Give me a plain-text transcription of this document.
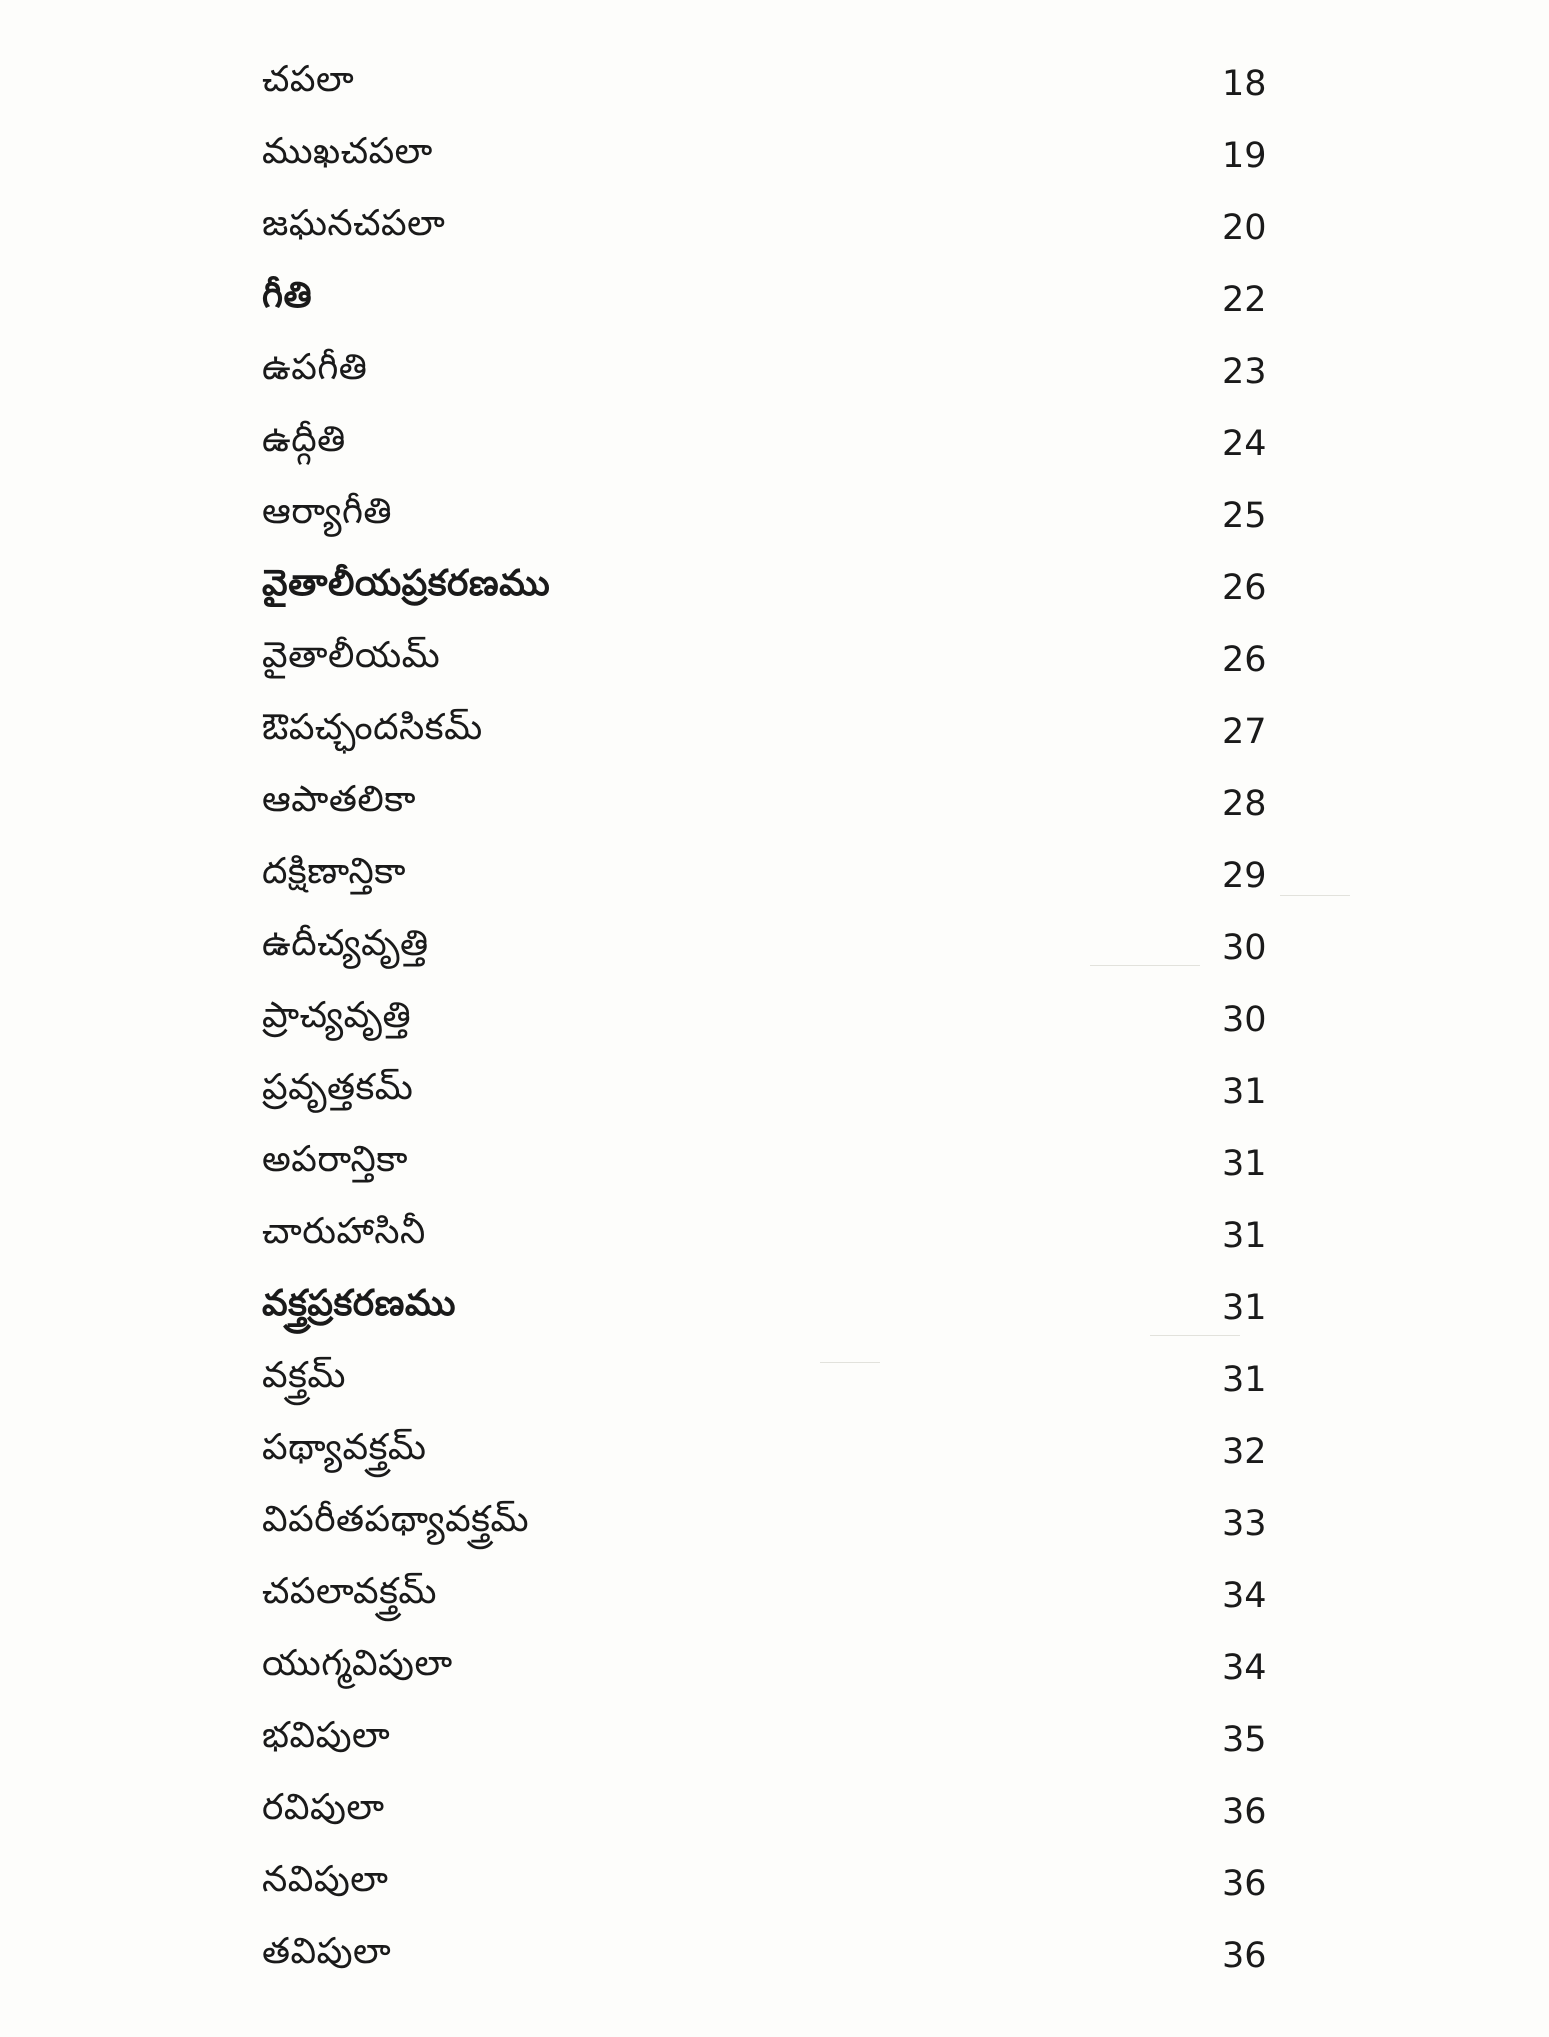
చపలా	18
ముఖచపలా	19
జఘనచపలా	20
గీతి	22
ఉపగీతి	23
ఉద్గీతి	24
ఆర్యాగీతి	25
వైతాలీయప్రకరణము	26
వైతాలీయమ్	26
ఔపచ్ఛందసికమ్	27
ఆపాతలికా	28
దక్షిణాన్తికా	29
ఉదీచ్యవృత్తి	30
ప్రాచ్యవృత్తి	30
ప్రవృత్తకమ్	31
అపరాన్తికా	31
చారుహాసినీ	31
వక్త్రప్రకరణము	31
వక్త్రమ్	31
పథ్యావక్త్రమ్	32
విపరీతపథ్యావక్త్రమ్	33
చపలావక్త్రమ్	34
యుగ్మవిపులా	34
భవిపులా	35
రవిపులా	36
నవిపులా	36
తవిపులా	36
